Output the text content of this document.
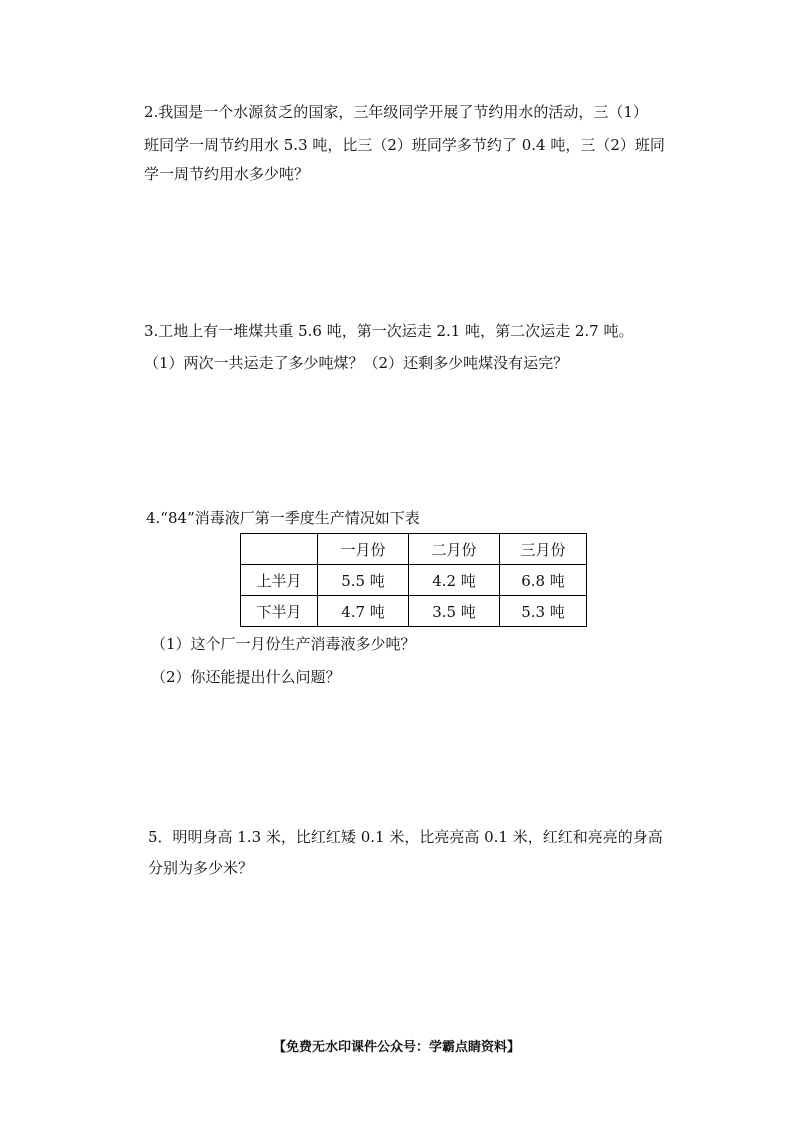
2.我国是一个水源贫乏的国家，三年级同学开展了节约用水的活动，三（1）
班同学一周节约用水 5.3 吨，比三（2）班同学多节约了 0.4 吨，三（2）班同
学一周节约用水多少吨？
3.工地上有一堆煤共重 5.6 吨，第一次运走 2.1 吨，第二次运走 2.7 吨。
（1）两次一共运走了多少吨煤？（2）还剩多少吨煤没有运完？
4.“84”消毒液厂第一季度生产情况如下表
	一月份	二月份	三月份
上半月	5.5 吨	4.2 吨	6.8 吨
下半月	4.7 吨	3.5 吨	5.3 吨
（1）这个厂一月份生产消毒液多少吨？
（2）你还能提出什么问题？
5．明明身高 1.3 米，比红红矮 0.1 米，比亮亮高 0.1 米，红红和亮亮的身高
分别为多少米？
【免费无水印课件公众号：学霸点睛资料】
